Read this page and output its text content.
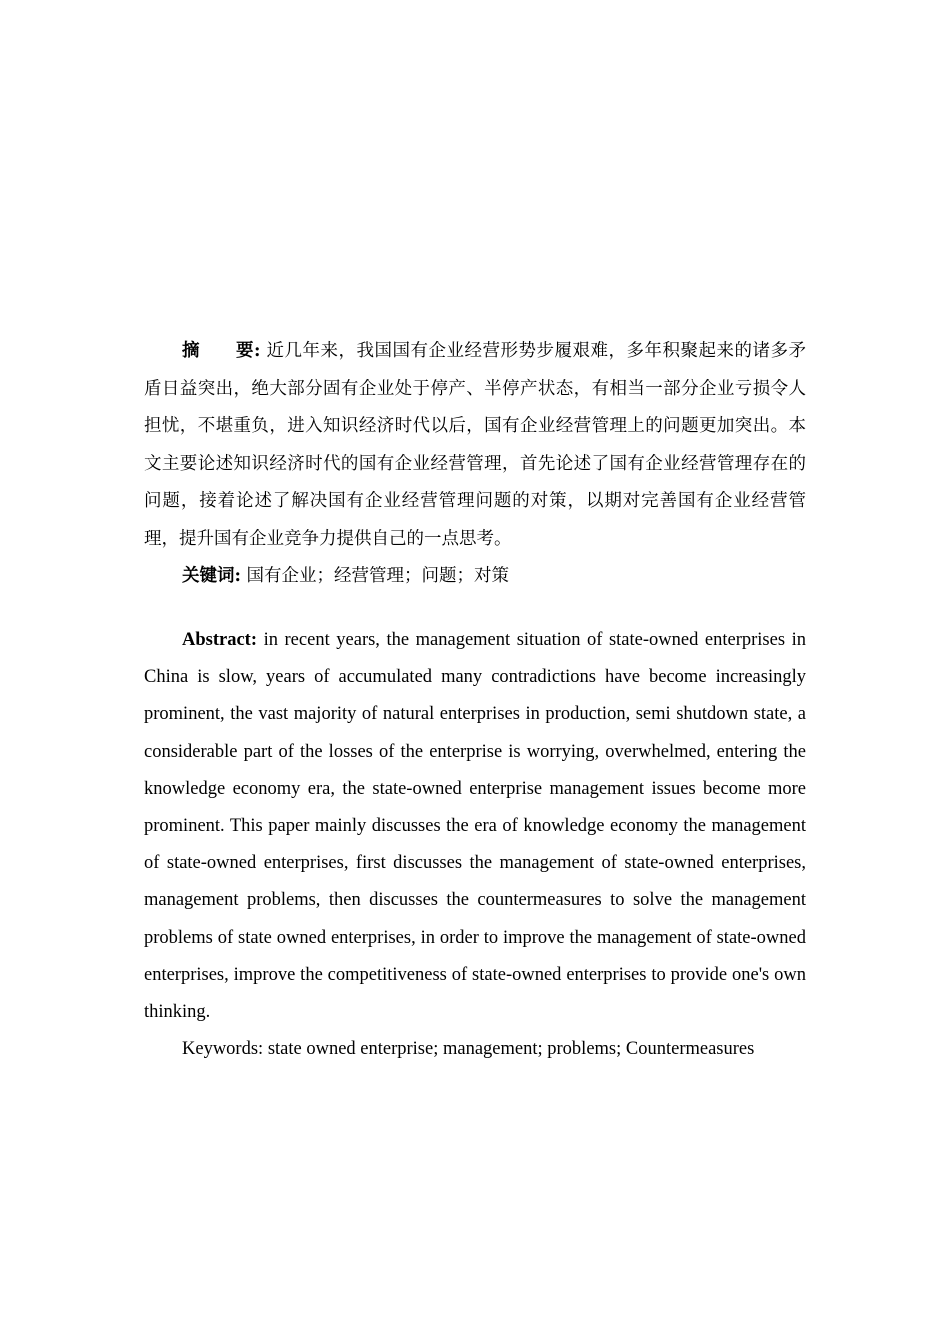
摘　　要: 近几年来，我国国有企业经营形势步履艰难，多年积聚起来的诸多矛盾日益突出，绝大部分固有企业处于停产、半停产状态，有相当一部分企业亏损令人担忧，不堪重负，进入知识经济时代以后，国有企业经营管理上的问题更加突出。本文主要论述知识经济时代的国有企业经营管理，首先论述了国有企业经营管理存在的问题，接着论述了解决国有企业经营管理问题的对策，以期对完善国有企业经营管理，提升国有企业竞争力提供自己的一点思考。

关键词: 国有企业；经营管理；问题；对策

Abstract: in recent years, the management situation of state-owned enterprises in China is slow, years of accumulated many contradictions have become increasingly prominent, the vast majority of natural enterprises in production, semi shutdown state, a considerable part of the losses of the enterprise is worrying, overwhelmed, entering the knowledge economy era, the state-owned enterprise management issues become more prominent. This paper mainly discusses the era of knowledge economy the management of state-owned enterprises, first discusses the management of state-owned enterprises, management problems, then discusses the countermeasures to solve the management problems of state owned enterprises, in order to improve the management of state-owned enterprises, improve the competitiveness of state-owned enterprises to provide one's own thinking.

Keywords: state owned enterprise; management; problems; Countermeasures
